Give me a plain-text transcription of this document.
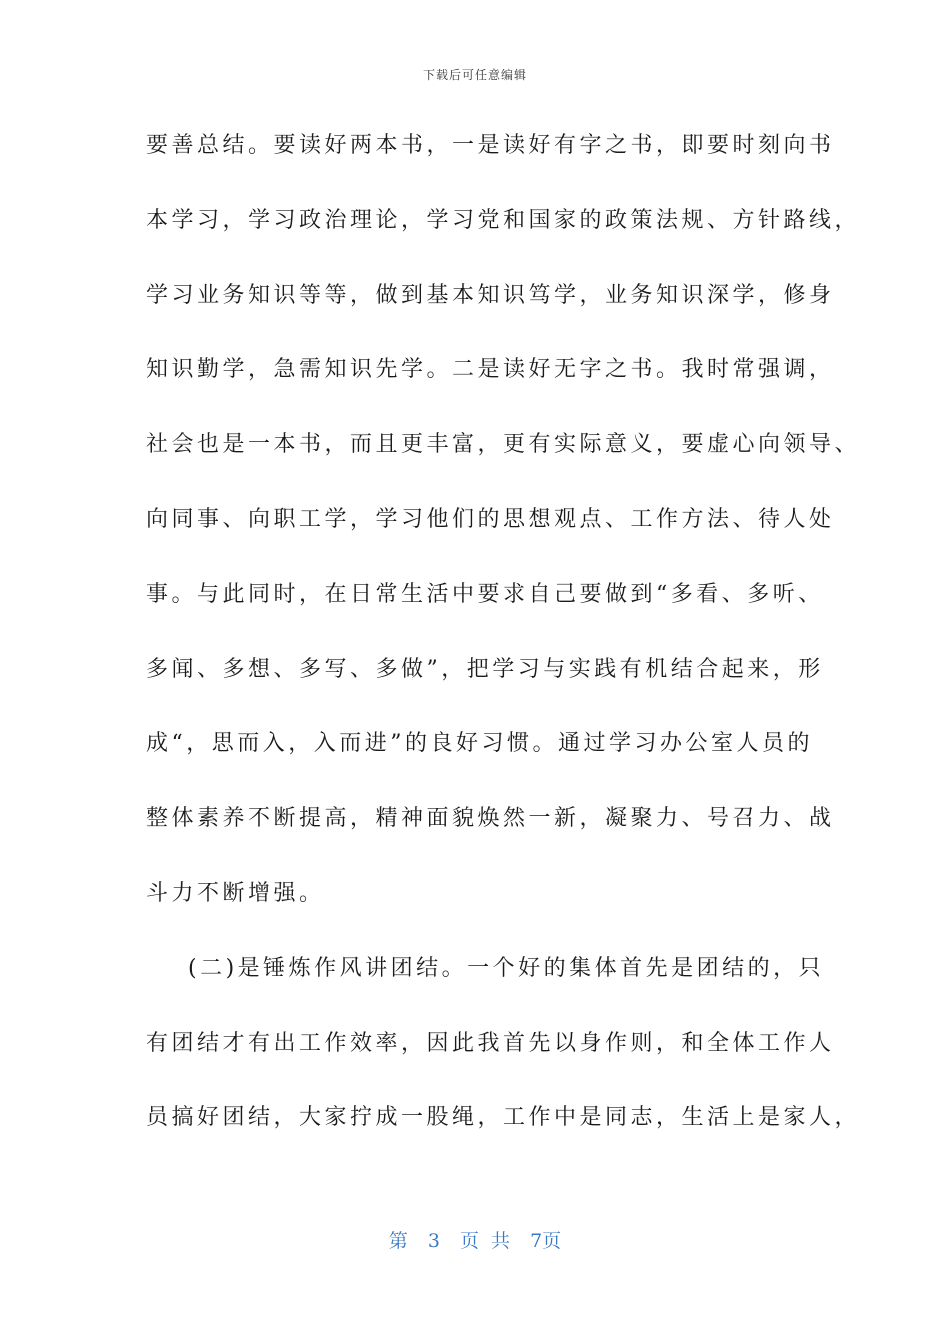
下载后可任意编辑
要善总结。要读好两本书，一是读好有字之书，即要时刻向书
本学习，学习政治理论，学习党和国家的政策法规、方针路线，
学习业务知识等等，做到基本知识笃学，业务知识深学，修身
知识勤学，急需知识先学。二是读好无字之书。我时常强调，
社会也是一本书，而且更丰富，更有实际意义，要虚心向领导、
向同事、向职工学，学习他们的思想观点、工作方法、待人处
事。与此同时，在日常生活中要求自己要做到“多看、多听、
多闻、多想、多写、多做”，把学习与实践有机结合起来，形
成“，思而入，入而进”的良好习惯。通过学习办公室人员的
整体素养不断提高，精神面貌焕然一新，凝聚力、号召力、战
斗力不断增强。
(二)是锤炼作风讲团结。一个好的集体首先是团结的，只
有团结才有出工作效率，因此我首先以身作则，和全体工作人
员搞好团结，大家拧成一股绳，工作中是同志，生活上是家人，
第 3 页 共 7页
